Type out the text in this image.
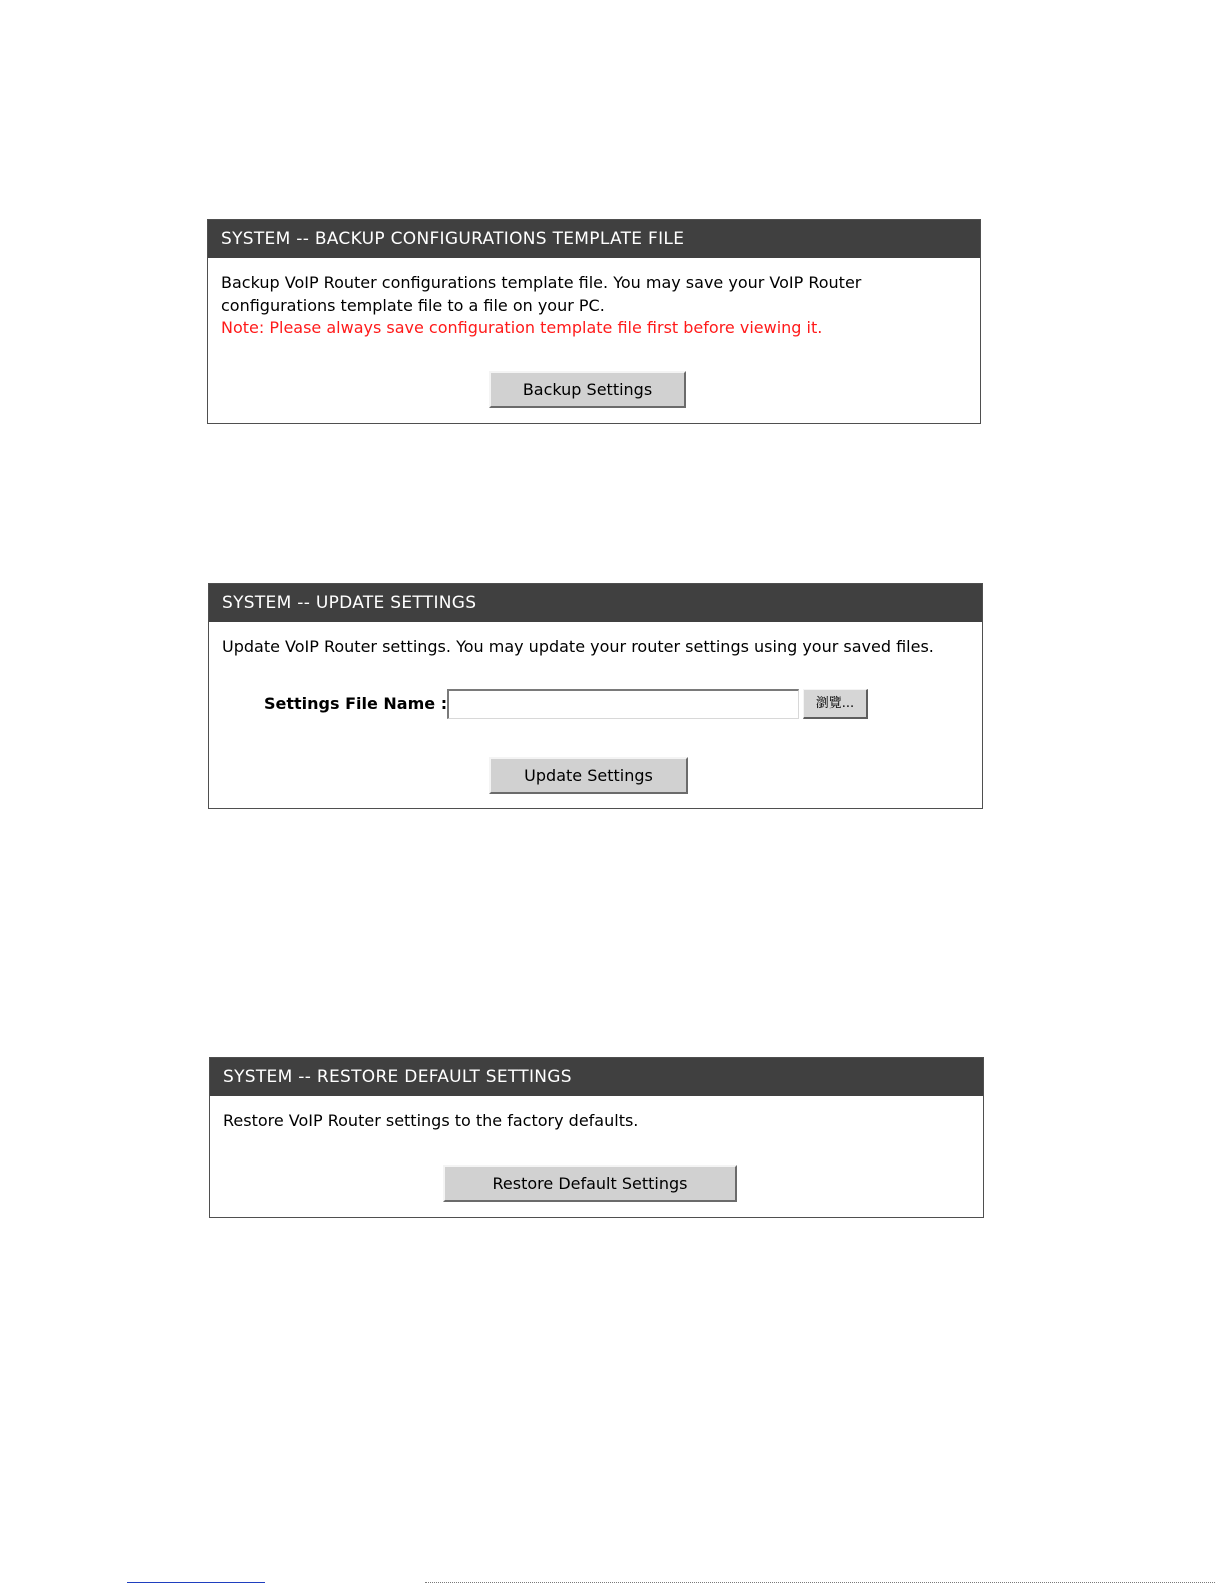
SYSTEM -- BACKUP CONFIGURATIONS TEMPLATE FILE

Backup VoIP Router configurations template file. You may save your VoIP Router configurations template file to a file on your PC.

Note: Please always save configuration template file first before viewing it.

Backup Settings
SYSTEM -- UPDATE SETTINGS

Update VoIP Router settings. You may update your router settings using your saved files.

Settings File Name :	瀏覽...
Update Settings
SYSTEM -- RESTORE DEFAULT SETTINGS

Restore VoIP Router settings to the factory defaults.

Restore Default Settings
